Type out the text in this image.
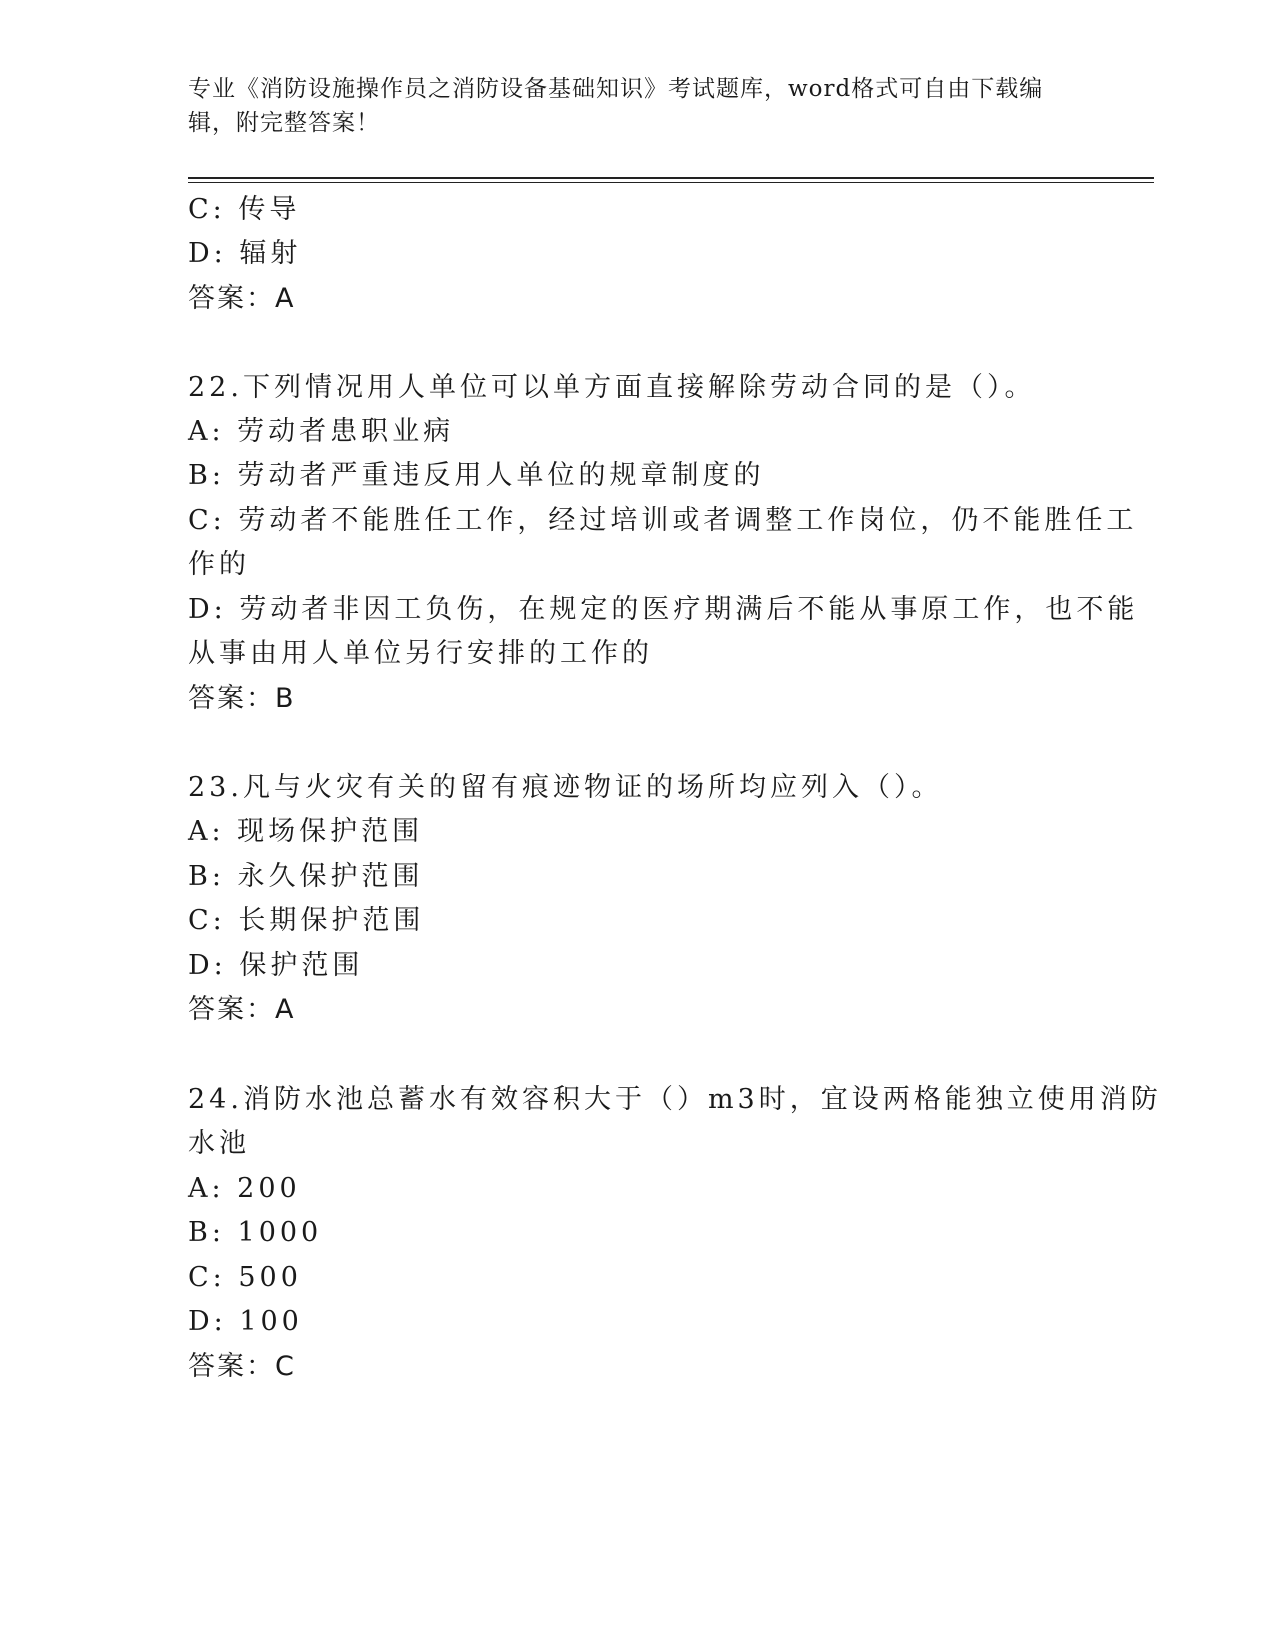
专业《消防设施操作员之消防设备基础知识》考试题库，word格式可自由下载编
辑，附完整答案！
C: 传导
D: 辐射
答案：A
22.下列情况用人单位可以单方面直接解除劳动合同的是（）。
A: 劳动者患职业病
B: 劳动者严重违反用人单位的规章制度的
C: 劳动者不能胜任工作，经过培训或者调整工作岗位，仍不能胜任工
作的
D: 劳动者非因工负伤，在规定的医疗期满后不能从事原工作，也不能
从事由用人单位另行安排的工作的
答案：B
23.凡与火灾有关的留有痕迹物证的场所均应列入（）。
A: 现场保护范围
B: 永久保护范围
C: 长期保护范围
D: 保护范围
答案：A
24.消防水池总蓄水有效容积大于（）m3时，宜设两格能独立使用消防
水池
A: 200
B: 1000
C: 500
D: 100
答案：C
